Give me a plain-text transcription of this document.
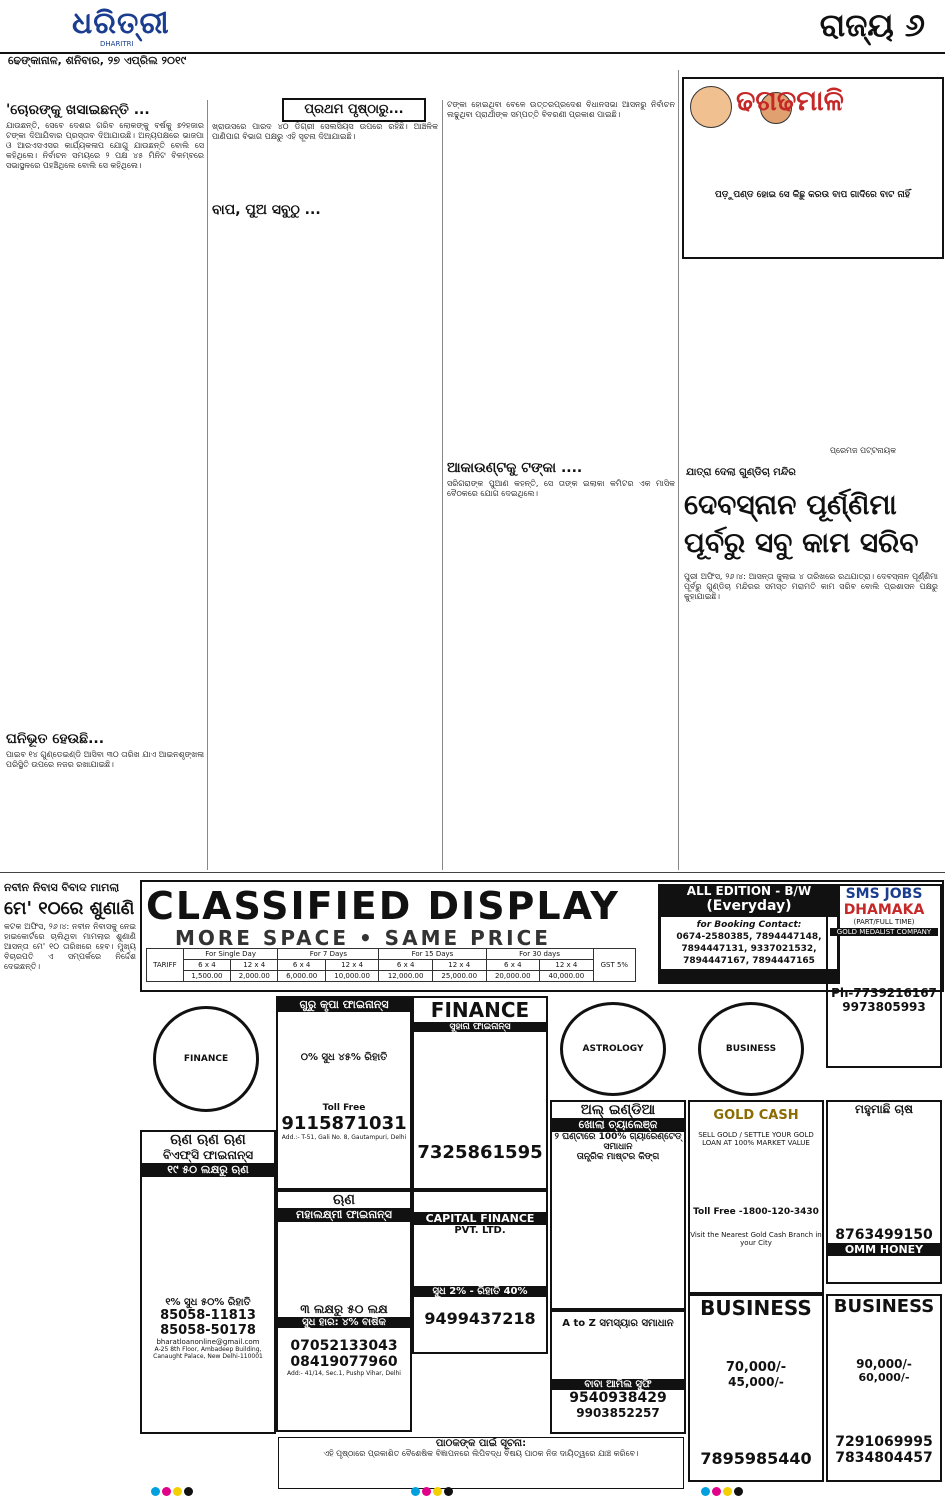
ଧରିତ୍ରୀ
DHARITRI	ରାଜ୍ୟ ୬
ଢେଙ୍କାନାଳ, ଶନିବାର, ୨୭ ଏପ୍ରିଲ ୨୦୧୯
ପ୍ରଥମ ପୃଷ୍ଠାରୁ...
'ଚୋରଙ୍କୁ ଖସାଇଛନ୍ତି ...

ଯାଉଛନ୍ତି, ସେବେ ଦେଶର ଗରିବ ଲୋକଙ୍କୁ ବର୍ଷକୁ ୭୨ହଜାର ଟଙ୍କା ଦିଆଯିବାର ପ୍ରସ୍ତାବ ଦିଆଯାଉଛି। ଅନ୍ୟପକ୍ଷରେ ଭାଜପା ଓ ଆରଏସଏସର କାର୍ଯ୍ୟକଳାପ ଯୋଗୁ ଯାଉଛନ୍ତି ବୋଲି ସେ କହିଥିଲେ। ନିର୍ବାଚନ ସମୟରେ ୨ ପକ୍ଷ ୪୫ ମିନିଟ ବିଳମ୍ବରେ ସଭାସ୍ଥଳରେ ପହଞ୍ଚିଥିଲେ ବୋଲି ସେ କହିଥିଲେ।

ଘନିଭୂତ ହେଉଛି...

ପାଇବ ୧୪ ଗୁଣ୍ଡେଇଣ୍ଡି ଆସିବା ୩୦ ତାରିଖ ଯାଏ ଆଇନଶୃଙ୍ଖଳା ପରିସ୍ଥିତି ଉପରେ ନଜର ରଖାଯାଇଛି।

ଖ୍ରାଉସରେ ପାରଦ ୪୦ ଡିଗ୍ରୀ ସେଲସିୟସ ଉପରେ ରହିଛି। ଆଞ୍ଚଳିକ ପାଣିପାଗ ବିଭାଗ ପକ୍ଷରୁ ଏହି ସୂଚନା ଦିଆଯାଇଛି।

ବାପ, ପୁଅ ସବୁଠୁ ...

ଟଙ୍କା ହୋଇଥିବା ବେଳେ ଉତ୍ତରପ୍ରଦେଶ ବିଧାନସଭା ଆସନରୁ ନିର୍ବାଚନ ଲଢୁଥିବା ପ୍ରାର୍ଥୀଙ୍କ ସମ୍ପତ୍ତି ବିବରଣୀ ପ୍ରକାଶ ପାଇଛି।

ଆକାଉଣ୍ଟକୁ ଟଙ୍କା ....

ସରିଗରାଙ୍କ ପୁଆଣ କହନ୍ତି, ସେ ତାଙ୍କ ଇଲାକା କମିଟର ଏକ ମାସିକ ବୈଠକରେ ଯୋଗ ଦେଇଥିଲେ।

ଢଗଢମାଳି
ପଡ଼ୁପଣ୍ଡ ହୋଇ ସେ କିଛୁ କରଉ ବାପ ଗାଦିରେ ବାଟ ନାହିଁ
ପ୍ରେମଜ ପଟ୍ଟନାୟକ
ଯାତ୍ରା ଦେଲା ଗୁଣ୍ଡିଚା ମନ୍ଦିର
ଦେବସ୍ନାନ ପୂର୍ଣ୍ଣିମା ପୂର୍ବରୁ ସବୁ କାମ ସରିବ

ପୁରୀ ଅଫିସ, ୨୬।୪: ଆସନ୍ତା ଜୁଲାଇ ୪ ତାରିଖରେ ରଥଯାତ୍ରା। ଦେବସ୍ନାନ ପୂର୍ଣ୍ଣିମା ପୂର୍ବରୁ ଗୁଣ୍ଡିଚା ମନ୍ଦିରର ସମସ୍ତ ମରାମତି କାମ ସରିବ ବୋଲି ପ୍ରଶାସନ ପକ୍ଷରୁ କୁହାଯାଇଛି।

ନବୀନ ନିବାସ ବିବାଦ ମାମଲା
ମେ' ୧୦ରେ ଶୁଣାଣି

କଟକ ଅଫିସ, ୨୬।୪: ନବୀନ ନିବାସକୁ ନେଇ ହାଇକୋର୍ଟରେ ଚାଲିଥିବା ମାମଲାର ଶୁଣାଣି ଆସନ୍ତା ମେ' ୧୦ ତାରିଖରେ ହେବ। ମୁଖ୍ୟ ବିଚାରପତି ଏ ସମ୍ପର୍କରେ ନିର୍ଦ୍ଦେଶ ଦେଇଛନ୍ତି।

CLASSIFIED DISPLAY
MORE SPACE • SAME PRICE
TARIFF	For Single Day		For 7 Days		For 15 Days		For 30 days		GST 5%
	6 x 4	12 x 4	6 x 4	12 x 4	6 x 4	12 x 4	6 x 4	12 x 4	
	1,500.00	2,000.00	6,000.00	10,000.00	12,000.00	25,000.00	20,000.00	40,000.00	
ALL EDITION - B/W
(Everyday)
for Booking Contact:
0674-2580385, 7894447148,
7894447131, 9337021532,
7894447167, 7894447165
SMS JOBS
DHAMAKA
(PART/FULL TIME)
GOLD MEDALIST COMPANY
Ph-7739216167
9973805993
FINANCE
ଗୁରୁ କୃପା ଫାଇନାନ୍ସ
୦% ସୁଧ ୪୫% ରିହାତି
Toll Free
9115871031
Add.:- T-51, Gali No. 8, Gautampuri, Delhi
FINANCE
ସୁହାନା ଫାଇନାନ୍ସ
7325861595
ASTROLOGY	BUSINESS
ଅଲ୍ ଇଣ୍ଡିଆ
ଖୋଲା ଚ୍ୟାଲେଞ୍ଜ
୨ ଘଣ୍ଟାରେ 100% ଗ୍ୟାରେଣ୍ଟେଡ୍ ସମାଧାନ
ତାନ୍ତ୍ରିକ ମାଷ୍ଟର କିଙ୍ଗ
GOLD CASH
SELL GOLD / SETTLE YOUR GOLD LOAN AT 100% MARKET VALUE
Toll Free -1800-120-3430
Visit the Nearest Gold Cash Branch in your City
ମହୁମାଛି ଚାଷ
8763499150
OMM HONEY
ଋଣ ଋଣ ଋଣ
ବିଏଫ୍‌ସି ଫାଇନାନ୍ସ
୧୯ ୫୦ ଲକ୍ଷରୁ ଋଣ
୧% ସୁଧ ୫୦% ରିହାତି
85058-11813
85058-50178
bharatloanonline@gmail.com
A-25 8th Floor, Ambadeep Building, Canaught Palace, New Delhi-110001
ଋଣ
ମହାଲକ୍ଷ୍ମୀ ଫାଇନାନ୍ସ
୩ ଲକ୍ଷରୁ ୫୦ ଲକ୍ଷ
ସୁଧ ହାର: ୪% ବାର୍ଷିକ
07052133043
08419077960
Add:- 41/14, Sec.1, Pushp Vihar, Delhi
CAPITAL FINANCE
PVT. LTD.
ସୁଧ 2% - ରିହାତି 40%
9499437218	A to Z ସମସ୍ୟାର ସମାଧାନ
ବାବା ଆମିଲ ସୁଫି
9540938429
9903852257
BUSINESS
70,000/-
45,000/-
7895985440
BUSINESS
90,000/-
60,000/-
7291069995
7834804457
ପାଠକଙ୍କ ପାଇଁ ସୂଚନା:
ଏହି ପୃଷ୍ଠାରେ ପ୍ରକାଶିତ ବୈଶେଷିକ ବିଜ୍ଞାପନରେ ଲିପିବଦ୍ଧ ବିଷୟ ପାଠକ ନିଜ ଦାୟିତ୍ୱରେ ଯାଞ୍ଚ କରିବେ।
